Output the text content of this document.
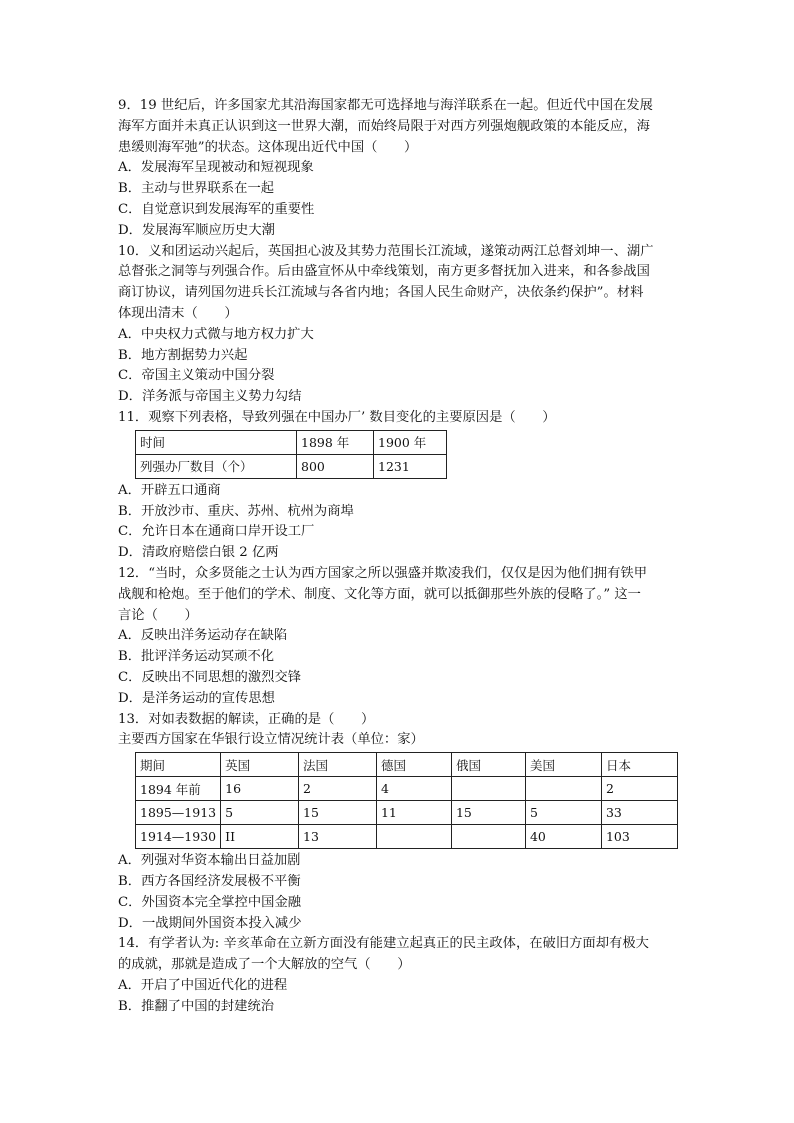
9．19 世纪后，许多国家尤其沿海国家都无可选择地与海洋联系在一起。但近代中国在发展
海军方面并未真正认识到这一世界大潮，而始终局限于对西方列强炮舰政策的本能反应，海
患缓则海军弛”的状态。这体现出近代中国（　　）
A．发展海军呈现被动和短视现象
B．主动与世界联系在一起
C．自觉意识到发展海军的重要性
D．发展海军顺应历史大潮
10．义和团运动兴起后，英国担心波及其势力范围长江流域，遂策动两江总督刘坤一、湖广
总督张之洞等与列强合作。后由盛宣怀从中牵线策划，南方更多督抚加入进来，和各参战国
商订协议，请列国勿进兵长江流域与各省内地；各国人民生命财产，决依条约保护”。材料
体现出清末（　　）
A．中央权力式微与地方权力扩大
B．地方割据势力兴起
C．帝国主义策动中国分裂
D．洋务派与帝国主义势力勾结
11．观察下列表格，导致列强在中国办厂’ 数目变化的主要原因是（　　）
时间	1898 年	1900 年
列强办厂数目（个）	800	1231
A．开辟五口通商
B．开放沙市、重庆、苏州、杭州为商埠
C．允许日本在通商口岸开设工厂
D．清政府赔偿白银 2 亿两
12．“当时，众多贤能之士认为西方国家之所以强盛并欺凌我们，仅仅是因为他们拥有铁甲
战舰和枪炮。至于他们的学术、制度、文化等方面，就可以抵御那些外族的侵略了。” 这一
言论（　　）
A．反映出洋务运动存在缺陷
B．批评洋务运动冥顽不化
C．反映出不同思想的激烈交锋
D．是洋务运动的宣传思想
13．对如表数据的解读，正确的是（　　）
主要西方国家在华银行设立情况统计表（单位：家）
期间	英国	法国	德国	俄国	美国	日本
1894 年前	16	2	4			2
1895—1913	5	15	11	15	5	33
1914—1930	II	13			40	103
A．列强对华资本输出日益加剧
B．西方各国经济发展极不平衡
C．外国资本完全掌控中国金融
D．一战期间外国资本投入减少
14．有学者认为: 辛亥革命在立新方面没有能建立起真正的民主政体，在破旧方面却有极大
的成就，那就是造成了一个大解放的空气（　　）
A．开启了中国近代化的进程
B．推翻了中国的封建统治
